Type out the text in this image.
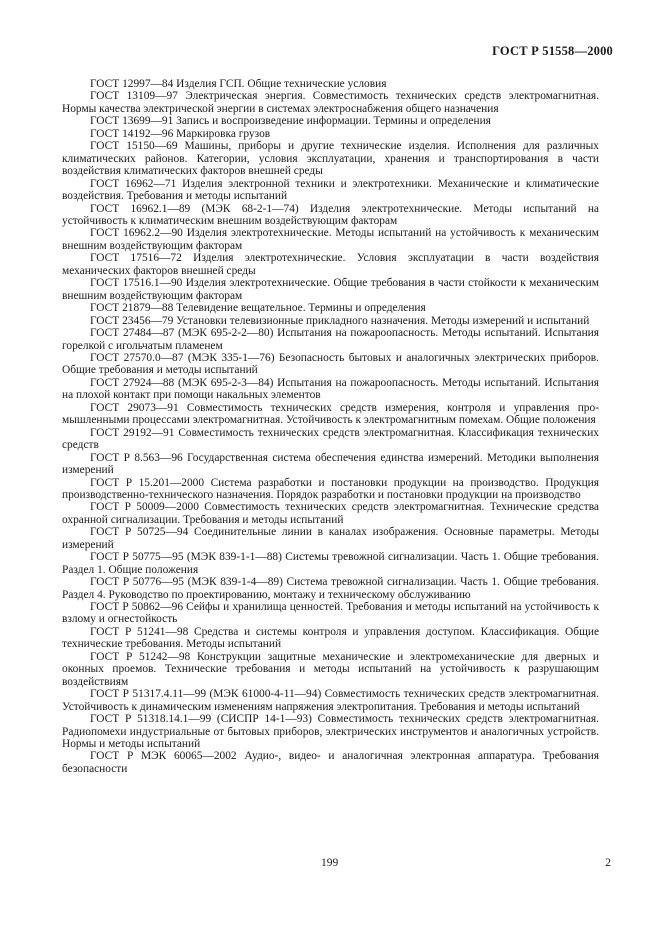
ГОСТ Р 51558—2000

ГОСТ 12997—84 Изделия ГСП. Общие технические условия

ГОСТ 13109—97 Электрическая энергия. Совместимость технических средств электромагнитная. Нормы качества электрической энергии в системах электроснабжения общего назначения

ГОСТ 13699—91 Запись и воспроизведение информации. Термины и определения

ГОСТ 14192—96 Маркировка грузов

ГОСТ 15150—69 Машины, приборы и другие технические изделия. Исполнения для различных климатических районов. Категории, условия эксплуатации, хранения и транспортирования в части воздействия климатических факторов внешней среды

ГОСТ 16962—71 Изделия электронной техники и электротехники. Механические и климатические воздействия. Требования и методы испытаний

ГОСТ 16962.1—89 (МЭК 68-2-1—74) Изделия электротехнические. Методы испытаний на устойчивость к климатическим внешним воздействующим факторам

ГОСТ 16962.2—90 Изделия электротехнические. Методы испытаний на устойчивость к механическим внешним воздействующим факторам

ГОСТ 17516—72 Изделия электротехнические. Условия эксплуатации в части воздействия механических факторов внешней среды

ГОСТ 17516.1—90 Изделия электротехнические. Общие требования в части стойкости к механическим внешним воздействующим факторам

ГОСТ 21879—88 Телевидение вещательное. Термины и определения

ГОСТ 23456—79 Установки телевизионные прикладного назначения. Методы измерений и испытаний

ГОСТ 27484—87 (МЭК 695-2-2—80) Испытания на пожароопасность. Методы испытаний. Испытания горелкой с игольчатым пламенем

ГОСТ 27570.0—87 (МЭК 335-1—76) Безопасность бытовых и аналогичных электрических приборов. Общие требования и методы испытаний

ГОСТ 27924—88 (МЭК 695-2-3—84) Испытания на пожароопасность. Методы испытаний. Испытания на плохой контакт при помощи накальных элементов

ГОСТ 29073—91 Совместимость технических средств измерения, контроля и управления промышленными процессами электромагнитная. Устойчивость к электромагнитным помехам. Общие положения

ГОСТ 29192—91 Совместимость технических средств электромагнитная. Классификация технических средств

ГОСТ Р 8.563—96 Государственная система обеспечения единства измерений. Методики выполнения измерений

ГОСТ Р 15.201—2000 Система разработки и постановки продукции на производство. Продукция производственно-технического назначения. Порядок разработки и постановки продукции на производство

ГОСТ Р 50009—2000 Совместимость технических средств электромагнитная. Технические средства охранной сигнализации. Требования и методы испытаний

ГОСТ Р 50725—94 Соединительные линии в каналах изображения. Основные параметры. Методы измерений

ГОСТ Р 50775—95 (МЭК 839-1-1—88) Системы тревожной сигнализации. Часть 1. Общие требования. Раздел 1. Общие положения

ГОСТ Р 50776—95 (МЭК 839-1-4—89) Система тревожной сигнализации. Часть 1. Общие требования. Раздел 4. Руководство по проектированию, монтажу и техническому обслуживанию

ГОСТ Р 50862—96 Сейфы и хранилища ценностей. Требования и методы испытаний на устойчивость к взлому и огнестойкость

ГОСТ Р 51241—98 Средства и системы контроля и управления доступом. Классификация. Общие технические требования. Методы испытаний

ГОСТ Р 51242—98 Конструкции защитные механические и электромеханические для дверных и оконных проемов. Технические требования и методы испытаний на устойчивость к разрушающим воздействиям

ГОСТ Р 51317.4.11—99 (МЭК 61000-4-11—94) Совместимость технических средств электромагнитная. Устойчивость к динамическим изменениям напряжения электропитания. Требования и методы испытаний

ГОСТ Р 51318.14.1—99 (СИСПР 14-1—93) Совместимость технических средств электромагнитная. Радиопомехи индустриальные от бытовых приборов, электрических инструментов и аналогичных устройств. Нормы и методы испытаний

ГОСТ Р МЭК 60065—2002 Аудио-, видео- и аналогичная электронная аппаратура. Требования безопасности

199	2
